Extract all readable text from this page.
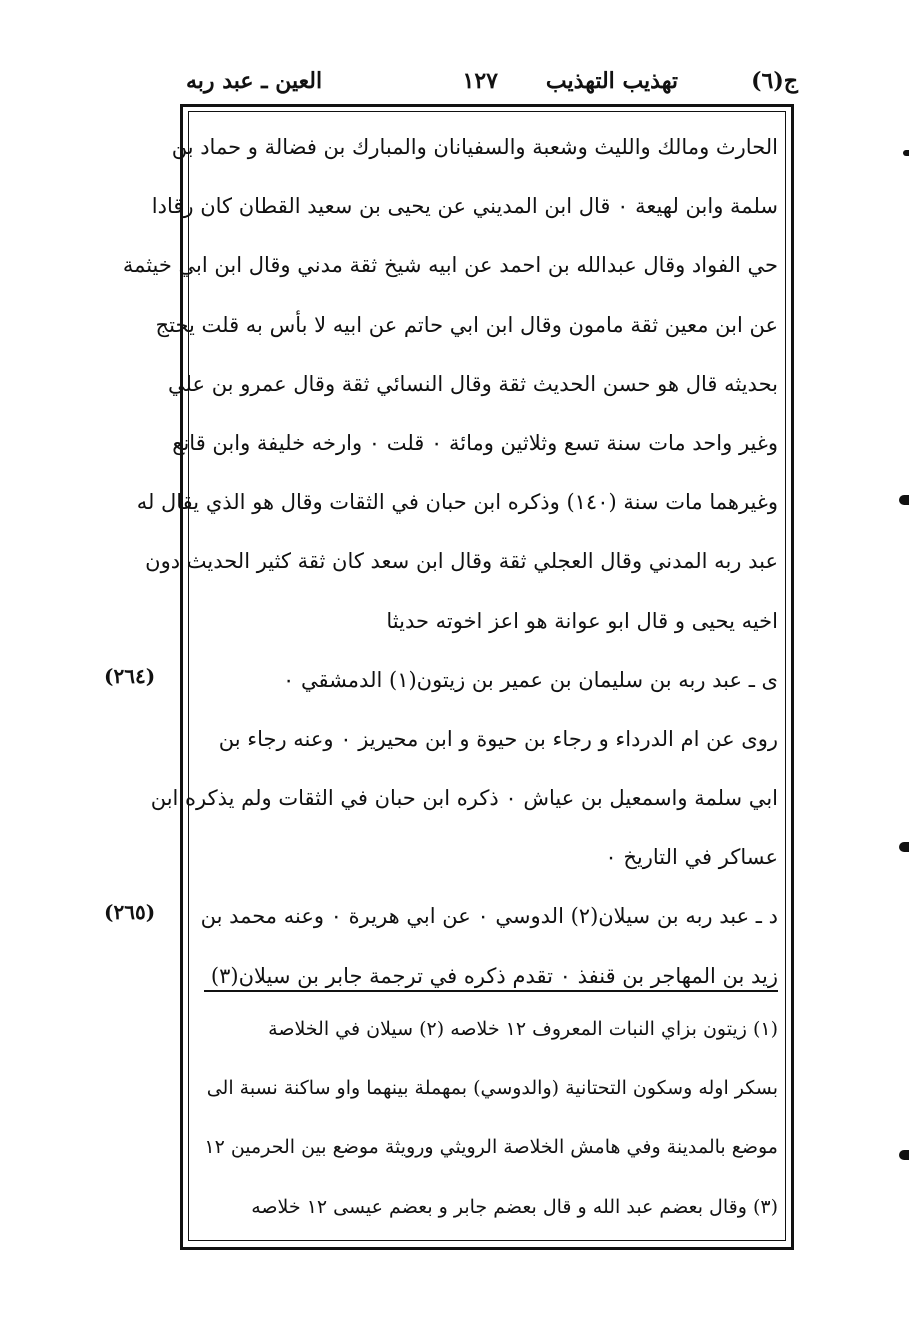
ج(٦)
تهذيب التهذيب
١٢٧
العين ـ عبد ربه
(٢٦٤)
(٢٦٥)
الحارث ومالك والليث وشعبة والسفيانان والمبارك بن فضالة و حماد بن
سلمة وابن لهيعة ٠ قال ابن المديني عن يحيى بن سعيد القطان كان رقادا
حي الفواد وقال عبدالله بن احمد عن ابيه شيخ ثقة مدني وقال ابن ابي خيثمة
عن ابن معين ثقة مامون وقال ابن ابي حاتم عن ابيه لا بأس به قلت يحتج
بحديثه قال هو حسن الحديث ثقة وقال النسائي ثقة وقال عمرو بن علي
وغير واحد مات سنة تسع وثلاثين ومائة ٠ قلت ٠ وارخه خليفة وابن قانع
وغيرهما مات سنة (١٤٠) وذكره ابن حبان في الثقات وقال هو الذي يقال له
عبد ربه المدني وقال العجلي ثقة وقال ابن سعد كان ثقة كثير الحديث دون
اخيه يحيى و قال ابو عوانة هو اعز اخوته حديثا
ى ـ عبد ربه بن سليمان بن عمير بن زيتون(١) الدمشقي ٠
روى عن ام الدرداء و رجاء بن حيوة و ابن محيريز ٠ وعنه رجاء بن
ابي سلمة واسمعيل بن عياش ٠ ذكره ابن حبان في الثقات ولم يذكره ابن
عساكر في التاريخ ٠
د ـ عبد ربه بن سيلان(٢) الدوسي ٠ عن ابي هريرة ٠ وعنه محمد بن
زيد بن المهاجر بن قنفذ ٠ تقدم ذكره في ترجمة جابر بن سيلان(٣)
(١) زيتون بزاي النبات المعروف ١٢ خلاصه (٢) سيلان في الخلاصة
بسكر اوله وسكون التحتانية (والدوسي) بمهملة بينهما واو ساكنة نسبة الى
موضع بالمدينة وفي هامش الخلاصة الرويثي ورويثة موضع بين الحرمين ١٢
(٣) وقال بعضم عبد الله و قال بعضم جابر و بعضم عيسى ١٢ خلاصه
